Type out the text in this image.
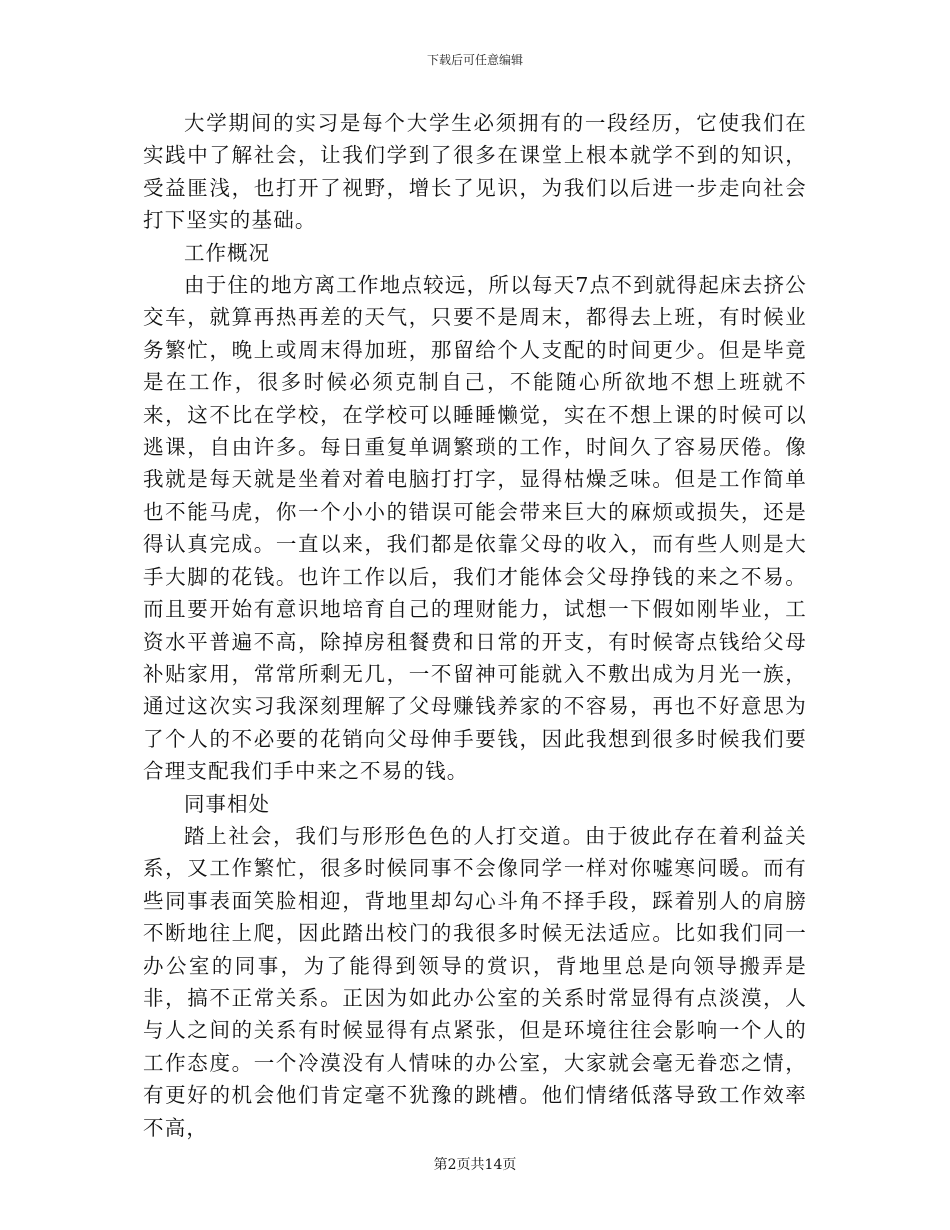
下载后可任意编辑

大学期间的实习是每个大学生必须拥有的一段经历，它使我们在实践中了解社会，让我们学到了很多在课堂上根本就学不到的知识，受益匪浅，也打开了视野，增长了见识，为我们以后进一步走向社会打下坚实的基础。

工作概况

由于住的地方离工作地点较远，所以每天7点不到就得起床去挤公交车，就算再热再差的天气，只要不是周末，都得去上班，有时候业务繁忙，晚上或周末得加班，那留给个人支配的时间更少。但是毕竟是在工作，很多时候必须克制自己，不能随心所欲地不想上班就不来，这不比在学校，在学校可以睡睡懒觉，实在不想上课的时候可以逃课，自由许多。每日重复单调繁琐的工作，时间久了容易厌倦。像我就是每天就是坐着对着电脑打打字，显得枯燥乏味。但是工作简单也不能马虎，你一个小小的错误可能会带来巨大的麻烦或损失，还是得认真完成。一直以来，我们都是依靠父母的收入，而有些人则是大手大脚的花钱。也许工作以后，我们才能体会父母挣钱的来之不易。而且要开始有意识地培育自己的理财能力，试想一下假如刚毕业，工资水平普遍不高，除掉房租餐费和日常的开支，有时候寄点钱给父母补贴家用，常常所剩无几，一不留神可能就入不敷出成为月光一族，通过这次实习我深刻理解了父母赚钱养家的不容易，再也不好意思为了个人的不必要的花销向父母伸手要钱，因此我想到很多时候我们要合理支配我们手中来之不易的钱。

同事相处

踏上社会，我们与形形色色的人打交道。由于彼此存在着利益关系，又工作繁忙，很多时候同事不会像同学一样对你嘘寒问暖。而有些同事表面笑脸相迎，背地里却勾心斗角不择手段，踩着别人的肩膀不断地往上爬，因此踏出校门的我很多时候无法适应。比如我们同一办公室的同事，为了能得到领导的赏识，背地里总是向领导搬弄是非，搞不正常关系。正因为如此办公室的关系时常显得有点淡漠，人与人之间的关系有时候显得有点紧张，但是环境往往会影响一个人的工作态度。一个冷漠没有人情味的办公室，大家就会毫无眷恋之情，有更好的机会他们肯定毫不犹豫的跳槽。他们情绪低落导致工作效率不高，

第2页共14页
